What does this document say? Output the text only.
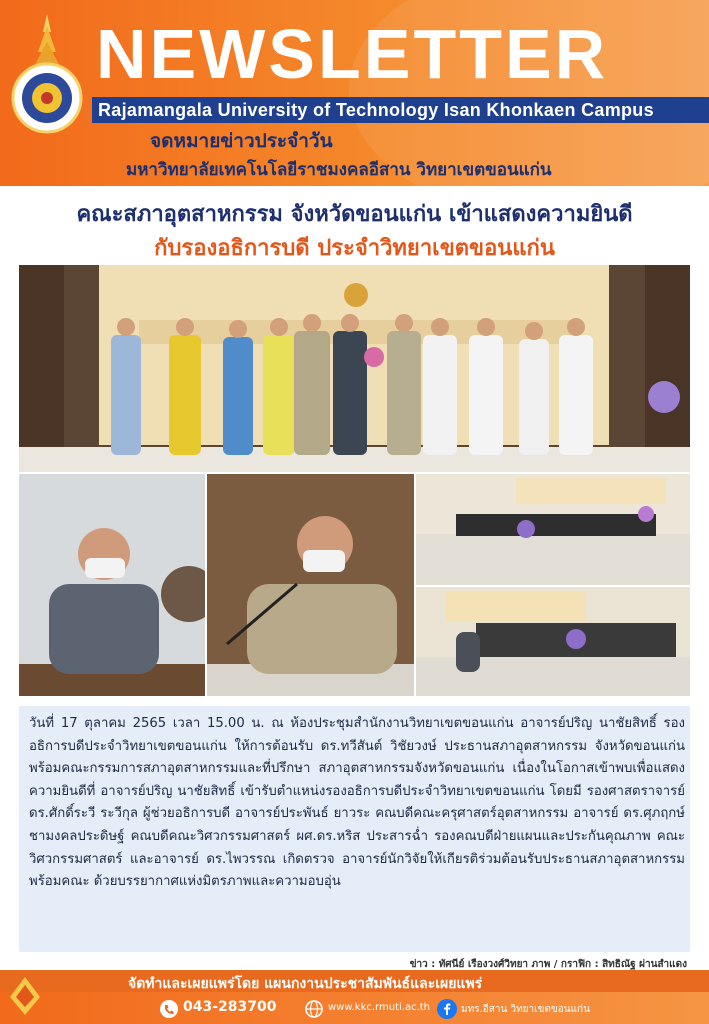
NEWSLETTER
Rajamangala University of Technology Isan Khonkaen Campus
จดหมายข่าวประจำวัน
มหาวิทยาลัยเทคโนโลยีราชมงคลอีสาน วิทยาเขตขอนแก่น
คณะสภาอุตสาหกรรม จังหวัดขอนแก่น เข้าแสดงความยินดี
กับรองอธิการบดี ประจำวิทยาเขตขอนแก่น
วันที่ 17 ตุลาคม 2565 เวลา 15.00 น. ณ ห้องประชุมสำนักงานวิทยาเขตขอนแก่น อาจารย์ปริญ นาชัยสิทธิ์ รองอธิการบดีประจำวิทยาเขตขอนแก่น ให้การต้อนรับ ดร.ทวีสันต์ วิชัยวงษ์ ประธานสภาอุตสาหกรรม จังหวัดขอนแก่น พร้อมคณะกรรมการสภาอุตสาหกรรมและที่ปรึกษา สภาอุตสาหกรรมจังหวัดขอนแก่น เนื่องในโอกาสเข้าพบเพื่อแสดงความยินดีที่ อาจารย์ปริญ นาชัยสิทธิ์ เข้ารับตำแหน่งรองอธิการบดีประจำวิทยาเขตขอนแก่น โดยมี รองศาสตราจารย์ ดร.ศักดิ์ระวี ระวีกุล ผู้ช่วยอธิการบดี อาจารย์ประพันธ์ ยาวระ คณบดีคณะครุศาสตร์อุตสาหกรรม อาจารย์ ดร.ศุภฤกษ์ ชามงคลประดิษฐ์ คณบดีคณะวิศวกรรมศาสตร์ ผศ.ดร.หริส ประสารฉ่ำ รองคณบดีฝ่ายแผนและประกันคุณภาพ คณะวิศวกรรมศาสตร์ และอาจารย์ ดร.ไพวรรณ เกิดตรวจ อาจารย์นักวิจัยให้เกียรติร่วมต้อนรับประธานสภาอุตสาหกรรมพร้อมคณะ ด้วยบรรยากาศแห่งมิตรภาพและความอบอุ่น
ข่าว : ทัศนีย์ เรืองวงศ์วิทยา ภาพ / กราฟิก : สิทธิณัฐ ผ่านสำแดง
จัดทำและเผยแพร่โดย แผนกงานประชาสัมพันธ์และเผยแพร่
043-283700	www.kkc.rmuti.ac.th	มทร.อีสาน วิทยาเขตขอนแก่น
